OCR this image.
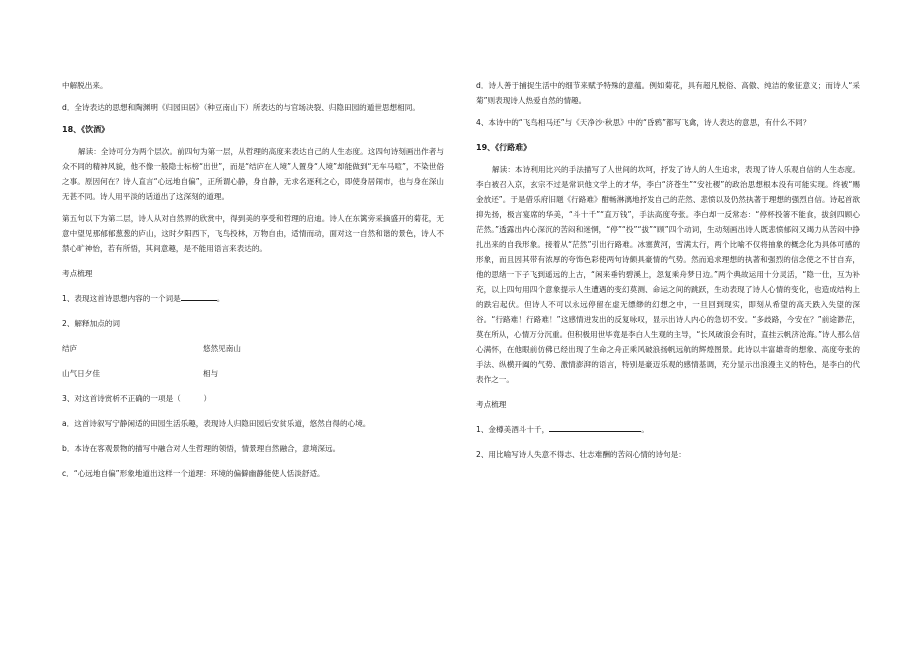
中解脱出来。

d．全诗表达的思想和陶渊明《归园田居》（种豆南山下）所表达的与官场决裂、归隐田园的遁世思想相同。

18、《饮酒》

解读：全诗可分为两个层次。前四句为第一层，从哲理的高度来表达自己的人生态度。这四句诗刻画出作者与众不同的精神风貌，他不像一般隐士标榜“出世”，而是“结庐在人境”人置身“人境”却能做到“无车马喧”，不染世俗之事。原因何在？诗人直言“心远地自偏”，正所谓心静，身自静，无求名逐利之心，即使身居闹市，也与身在深山无甚不同。诗人用平淡的话道出了这深刻的道理。

第五句以下为第二层，诗人从对自然界的欣赏中，得到美的享受和哲理的启迪。诗人在东篱旁采摘盛开的菊花，无意中望见那郁郁葱葱的庐山，这时夕阳西下，飞鸟投林，万物自由，适情而动，面对这一自然和谐的景色，诗人不禁心旷神怡，若有所悟，其间意趣，是不能用语言来表达的。

考点梳理

1、表现这首诗思想内容的一个词是	。

2、解释加点的词

结庐	悠然见南山
山气日夕佳	相与

3、对这首诗赏析不正确的一项是（　　　）

a．这首诗叙写宁静闲适的田园生活乐趣，表现诗人归隐田园后安贫乐道，悠然自得的心境。

b．本诗在客观景物的描写中融合对人生哲理的领悟，情景理自然融合，意境深远。

c．“心远地自偏”形象地道出这样一个道理：环境的偏僻幽静能使人恬淡舒适。

d．诗人善于捕捉生活中的细节来赋予特殊的意蕴。例如菊花，具有超凡脱俗、高傲、纯洁的象征意义；而诗人“采菊”则表现诗人热爱自然的情趣。

4、本诗中的“飞鸟相马还”与《天净沙·秋思》中的“昏鸦”都写飞禽，诗人表达的意思，有什么不同？

19、《行路难》

解读：本诗利用比兴的手法描写了人世间的坎坷，抒发了诗人的人生追求，表现了诗人乐观自信的人生态度。李白被召入京，玄宗不过是常识他文学上的才华，李白“济苍生”“安社稷”的政治思想根本没有可能实现。终被“赐金放还”。于是借乐府旧题《行路难》酣畅淋漓地抒发自己的茫然、悲愤以及仍然执著于理想的强烈自信。诗起首欲抑先扬，极言宴席的华美，“斗十千”“直万钱”，手法高度夸张。李白却一反常态：“停杯投箸不能食，拔剑四顾心茫然。”透露出内心深沉的苦闷和迷惘，“停”“投”“拔”“顾”四个动词，生动刻画出诗人既悲愤郁闷又竭力从苦闷中挣扎出来的自我形象。接着从“茫然”引出行路难。冰塞黄河，雪满太行，两个比喻不仅将抽象的概念化为具体可感的形象，而且因其带有浓厚的夸饰色彩使两句诗颇具豪情的气势。然而追求理想的执著和强烈的信念使之不甘自弃，他的思绪一下子飞到遥远的上古，“闲来垂钓碧溪上，忽复乘舟梦日边。”两个典故运用十分灵活，“隐一仕，互为补充，以上四句用四个意象提示人生遭遇的变幻莫测、命运之间的跳跃，生动表现了诗人心情的变化，也造成结构上的跌宕起伏。但诗人不可以永远停留在虚无缥缈的幻想之中，一旦回到现实，即刻从希望的高天跌入失望的深谷。“行路难！行路难！”这感情迸发出的反复咏叹，显示出诗人内心的急切不安。“多歧路，今安在？”前途渺茫，莫在所从，心情万分沉重。但积极用世毕竟是李白人生观的主导，“长风破浪会有时，直挂云帆济沧海。”诗人那么信心满怀，在他眼前仿佛已经出现了生命之舟正乘风破浪扬帆远航的辉煌图景。此诗以丰富雄奇的想象、高度夸张的手法、纵横开阖的气势、激情澎湃的语言，特别是豪迈乐观的感情基调，充分显示出浪漫主义的特色，是李白的代表作之一。

考点梳理

1、金樽美酒斗十千，	。

2、用比喻写诗人失意不得志、壮志难酬的苦闷心情的诗句是：
